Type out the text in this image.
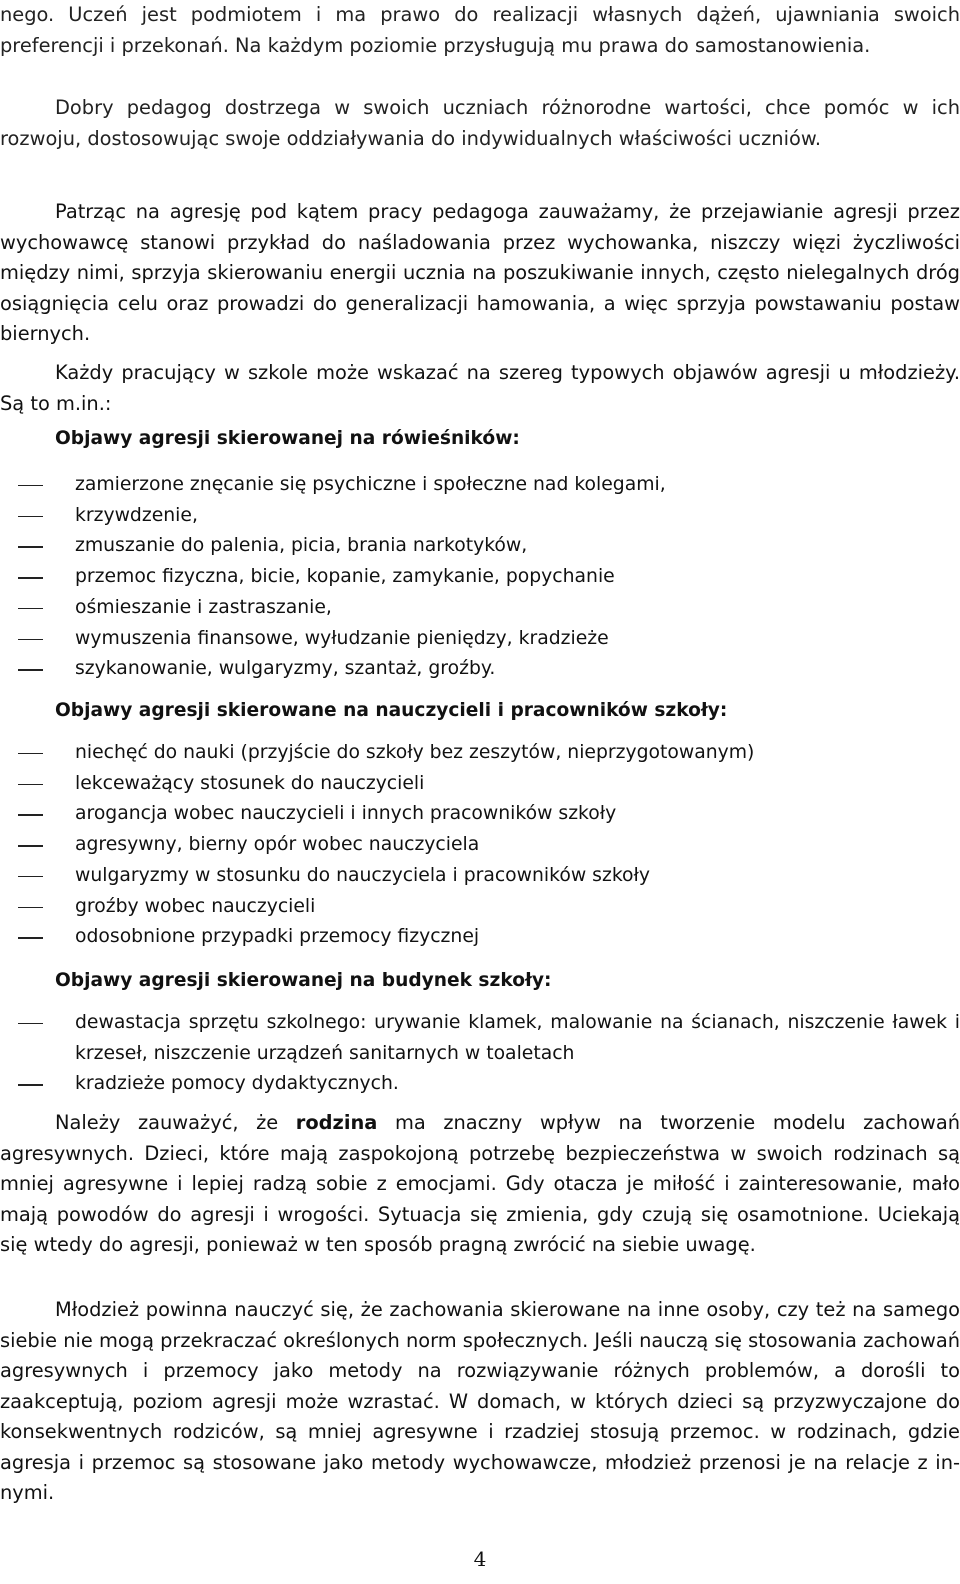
nego. Uczeń jest podmiotem i ma prawo do realizacji własnych dążeń, ujawniania swoich preferencji i przekonań. Na każdym poziomie przysługują mu prawa do samostanowienia.

Dobry pedagog dostrzega w swoich uczniach różnorodne wartości, chce pomóc w ich rozwoju, dostosowując swoje oddziaływania do indywidualnych właściwości uczniów.

Patrząc na agresję pod kątem pracy pedagoga zauważamy, że przejawianie agresji przez wychowawcę stanowi przykład do naśladowania przez wychowanka, niszczy więzi życzliwości między nimi, sprzyja skierowaniu energii ucznia na poszukiwanie innych, często nielegalnych dróg osiągnięcia celu oraz prowadzi do generalizacji hamowania, a więc sprzyja powstawaniu postaw biernych.

Każdy pracujący w szkole może wskazać na szereg typowych objawów agresji u młodzieży. Są to m.in.:

Objawy agresji skierowanej na rówieśników:
zamierzone znęcanie się psychiczne i społeczne nad kolegami,
krzywdzenie,
zmuszanie do palenia, picia, brania narkotyków,
przemoc fizyczna, bicie, kopanie, zamykanie, popychanie
ośmieszanie i zastraszanie,
wymuszenia finansowe, wyłudzanie pieniędzy, kradzieże
szykanowanie, wulgaryzmy, szantaż, groźby.
Objawy agresji skierowane na nauczycieli i pracowników szkoły:
niechęć do nauki (przyjście do szkoły bez zeszytów, nieprzygotowanym)
lekceważący stosunek do nauczycieli
arogancja wobec nauczycieli i innych pracowników szkoły
agresywny, bierny opór wobec nauczyciela
wulgaryzmy w stosunku do nauczyciela i pracowników szkoły
groźby wobec nauczycieli
odosobnione przypadki przemocy fizycznej
Objawy agresji skierowanej na budynek szkoły:
dewastacja sprzętu szkolnego: urywanie klamek, malowanie na ścianach, niszczenie ławek i krzeseł, niszczenie urządzeń sanitarnych w toaletach
kradzieże pomocy dydaktycznych.

Należy zauważyć, że rodzina ma znaczny wpływ na tworzenie modelu zachowań agresywnych. Dzieci, które mają zaspokojoną potrzebę bezpieczeństwa w swoich rodzinach są mniej agresywne i lepiej radzą sobie z emocjami. Gdy otacza je miłość i zainteresowanie, mało mają powodów do agresji i wrogości. Sytuacja się zmienia, gdy czują się osamotnione. Uciekają się wtedy do agresji, ponieważ w ten sposób pragną zwrócić na siebie uwagę.

Młodzież powinna nauczyć się, że zachowania skierowane na inne osoby, czy też na samego siebie nie mogą przekraczać określonych norm społecznych. Jeśli nauczą się stosowania zachowań agresywnych i przemocy jako metody na rozwiązywanie różnych problemów, a dorośli to zaakceptują, poziom agresji może wzrastać. W domach, w których dzieci są przyzwyczajone do konsekwentnych rodziców, są mniej agresywne i rzadziej stosują przemoc. w rodzinach, gdzie agresja i przemoc są stosowane jako metody wychowawcze, młodzież przenosi je na relacje z innymi.

4
